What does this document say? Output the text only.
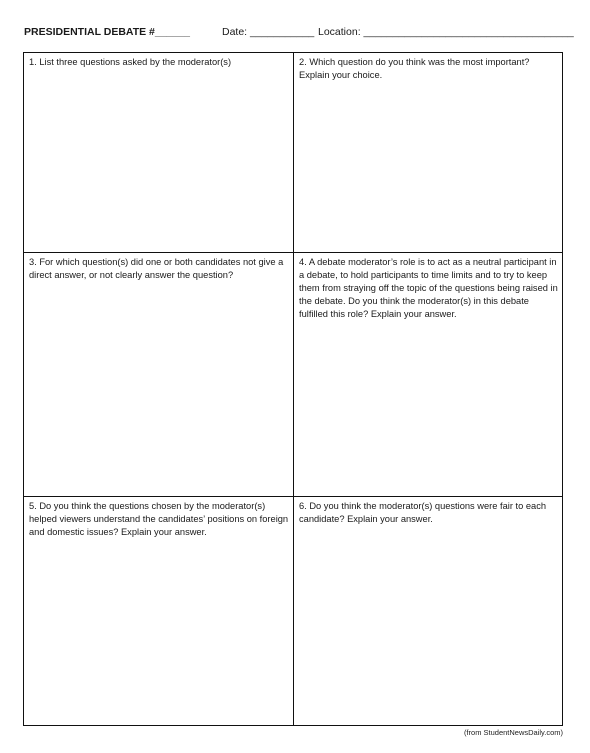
PRESIDENTIAL DEBATE #______	Date: ___________ Location: ____________________________________
1. List three questions asked by the moderator(s)	2. Which question do you think was the most important? Explain your choice.
3. For which question(s) did one or both candidates not give a direct answer, or not clearly answer the question?
4. A debate moderator’s role is to act as a neutral participant in a debate, to hold participants to time limits and to try to keep them from straying off the topic of the questions being raised in the debate. Do you think the moderator(s) in this debate fulfilled this role? Explain your answer.
5. Do you think the questions chosen by the moderator(s) helped viewers understand the candidates’ positions on foreign and domestic issues? Explain your answer.
6. Do you think the moderator(s) questions were fair to each candidate? Explain your answer.
(from StudentNewsDaily.com)
